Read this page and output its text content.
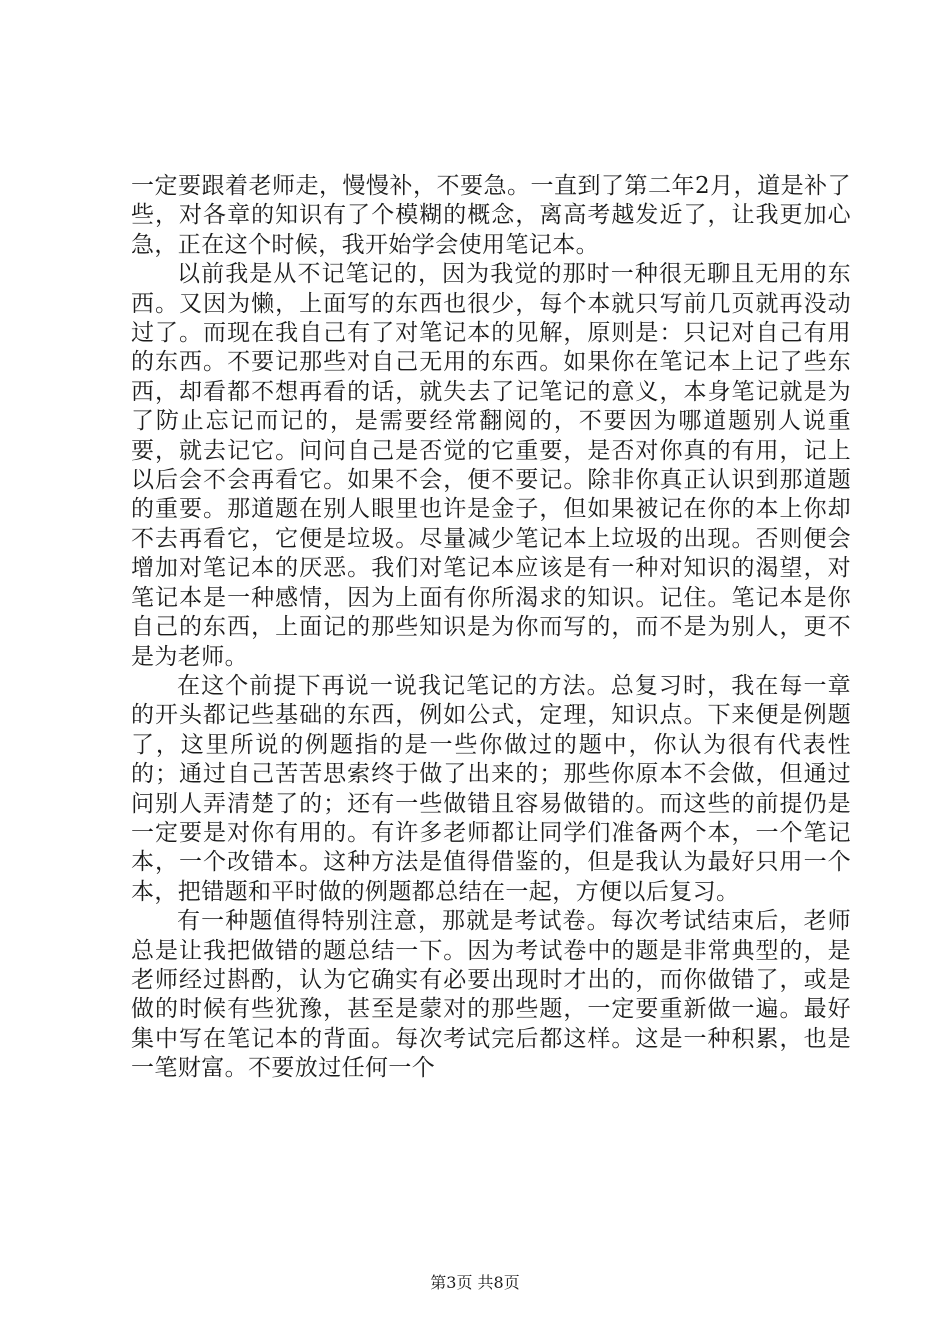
一定要跟着老师走，慢慢补，不要急。一直到了第二年2月，道是补了些，对各章的知识有了个模糊的概念，离高考越发近了，让我更加心急，正在这个时候，我开始学会使用笔记本。

以前我是从不记笔记的，因为我觉的那时一种很无聊且无用的东西。又因为懒，上面写的东西也很少，每个本就只写前几页就再没动过了。而现在我自己有了对笔记本的见解，原则是：只记对自己有用的东西。不要记那些对自己无用的东西。如果你在笔记本上记了些东西，却看都不想再看的话，就失去了记笔记的意义，本身笔记就是为了防止忘记而记的，是需要经常翻阅的，不要因为哪道题别人说重要，就去记它。问问自己是否觉的它重要，是否对你真的有用，记上以后会不会再看它。如果不会，便不要记。除非你真正认识到那道题的重要。那道题在别人眼里也许是金子，但如果被记在你的本上你却不去再看它，它便是垃圾。尽量减少笔记本上垃圾的出现。否则便会增加对笔记本的厌恶。我们对笔记本应该是有一种对知识的渴望，对笔记本是一种感情，因为上面有你所渴求的知识。记住。笔记本是你自己的东西，上面记的那些知识是为你而写的，而不是为别人，更不是为老师。

在这个前提下再说一说我记笔记的方法。总复习时，我在每一章的开头都记些基础的东西，例如公式，定理，知识点。下来便是例题了，这里所说的例题指的是一些你做过的题中，你认为很有代表性的；通过自己苦苦思索终于做了出来的；那些你原本不会做，但通过问别人弄清楚了的；还有一些做错且容易做错的。而这些的前提仍是一定要是对你有用的。有许多老师都让同学们准备两个本，一个笔记本，一个改错本。这种方法是值得借鉴的，但是我认为最好只用一个本，把错题和平时做的例题都总结在一起，方便以后复习。

有一种题值得特别注意，那就是考试卷。每次考试结束后，老师总是让我把做错的题总结一下。因为考试卷中的题是非常典型的，是老师经过斟酌，认为它确实有必要出现时才出的，而你做错了，或是做的时候有些犹豫，甚至是蒙对的那些题，一定要重新做一遍。最好集中写在笔记本的背面。每次考试完后都这样。这是一种积累，也是一笔财富。不要放过任何一个

第3页 共8页
